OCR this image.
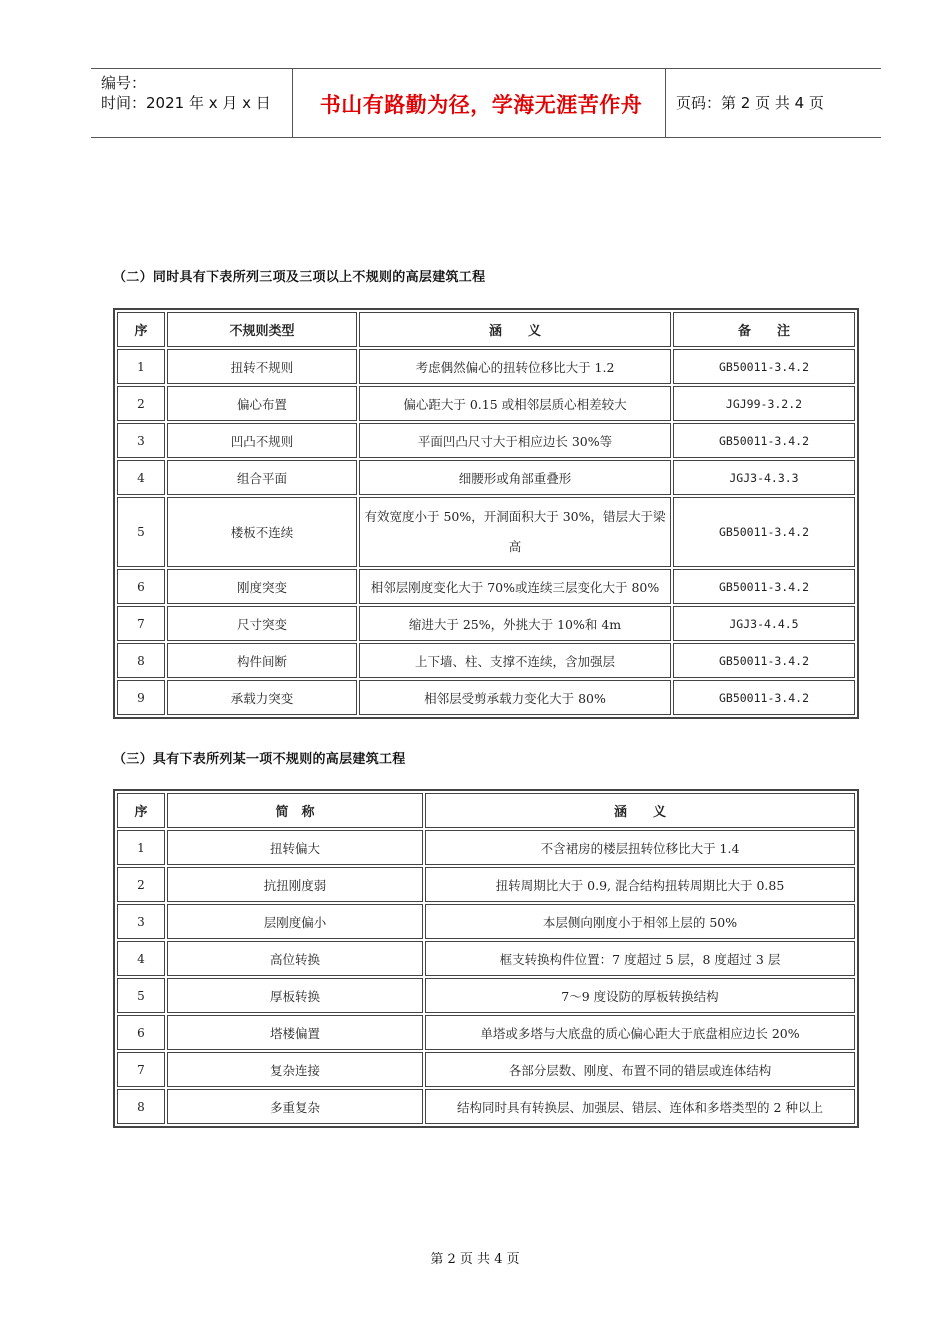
编号：
时间：2021 年 x 月 x 日	书山有路勤为径，学海无涯苦作舟	页码：第 2 页 共 4 页
（二）同时具有下表所列三项及三项以上不规则的高层建筑工程
序	不规则类型	涵　　义	备　　注
1	扭转不规则	考虑偶然偏心的扭转位移比大于 1.2	GB50011-3.4.2
2	偏心布置	偏心距大于 0.15 或相邻层质心相差较大	JGJ99-3.2.2
3	凹凸不规则	平面凹凸尺寸大于相应边长 30%等	GB50011-3.4.2
4	组合平面	细腰形或角部重叠形	JGJ3-4.3.3
5	楼板不连续	有效宽度小于 50%，开洞面积大于 30%，错层大于梁高	GB50011-3.4.2
6	刚度突变	相邻层刚度变化大于 70%或连续三层变化大于 80%	GB50011-3.4.2
7	尺寸突变	缩进大于 25%，外挑大于 10%和 4m	JGJ3-4.4.5
8	构件间断	上下墙、柱、支撑不连续，含加强层	GB50011-3.4.2
9	承载力突变	相邻层受剪承载力变化大于 80%	GB50011-3.4.2
（三）具有下表所列某一项不规则的高层建筑工程
序	简　称	涵　　义
1	扭转偏大	不含裙房的楼层扭转位移比大于 1.4
2	抗扭刚度弱	扭转周期比大于 0.9, 混合结构扭转周期比大于 0.85
3	层刚度偏小	本层侧向刚度小于相邻上层的 50%
4	高位转换	框支转换构件位置：7 度超过 5 层，8 度超过 3 层
5	厚板转换	7～9 度设防的厚板转换结构
6	塔楼偏置	单塔或多塔与大底盘的质心偏心距大于底盘相应边长 20%
7	复杂连接	各部分层数、刚度、布置不同的错层或连体结构
8	多重复杂	结构同时具有转换层、加强层、错层、连体和多塔类型的 2 种以上
第 2 页 共 4 页
